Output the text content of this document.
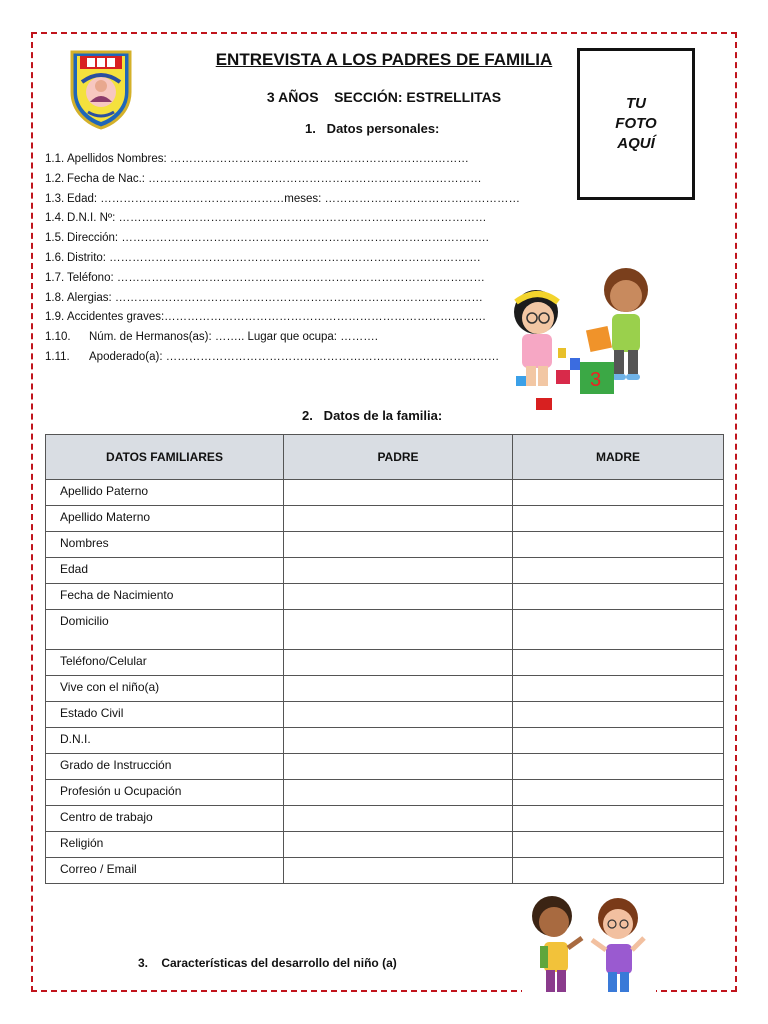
ENTREVISTA A LOS PADRES DE FAMILIA
3 AÑOS    SECCIÓN: ESTRELLITAS
1.   Datos personales:
TU
FOTO
AQUÍ
1.1. Apellidos Nombres: ……………………………………………………………………
1.2. Fecha de Nac.: ……………………………………………………………………………
1.3. Edad: …………………………………………meses: ……………………………………………
1.4. D.N.I. Nº: ……………………………………………………………………………………
1.5. Dirección: ……………………………………………………………………………………
1.6. Distrito: …………………………………………………………………………………….
1.7. Teléfono: ……………………………………………………………………………………
1.8. Alergias: ……………………………………………………………………………………
1.9. Accidentes graves:…………………………………………………………………………
1.10. Núm. de Hermanos(as): …….. Lugar que ocupa: ……….
1.11. Apoderado(a): ……………………………………………………………………………
3
2.   Datos de la familia:
DATOS FAMILIARES	PADRE	MADRE
Apellido Paterno		
Apellido Materno		
Nombres		
Edad		
Fecha de Nacimiento		
Domicilio		
Teléfono/Celular		
Vive con el niño(a)		
Estado Civil		
D.N.I.		
Grado de Instrucción		
Profesión u Ocupación		
Centro de trabajo		
Religión		
Correo / Email		
3.    Características del desarrollo del niño (a)
